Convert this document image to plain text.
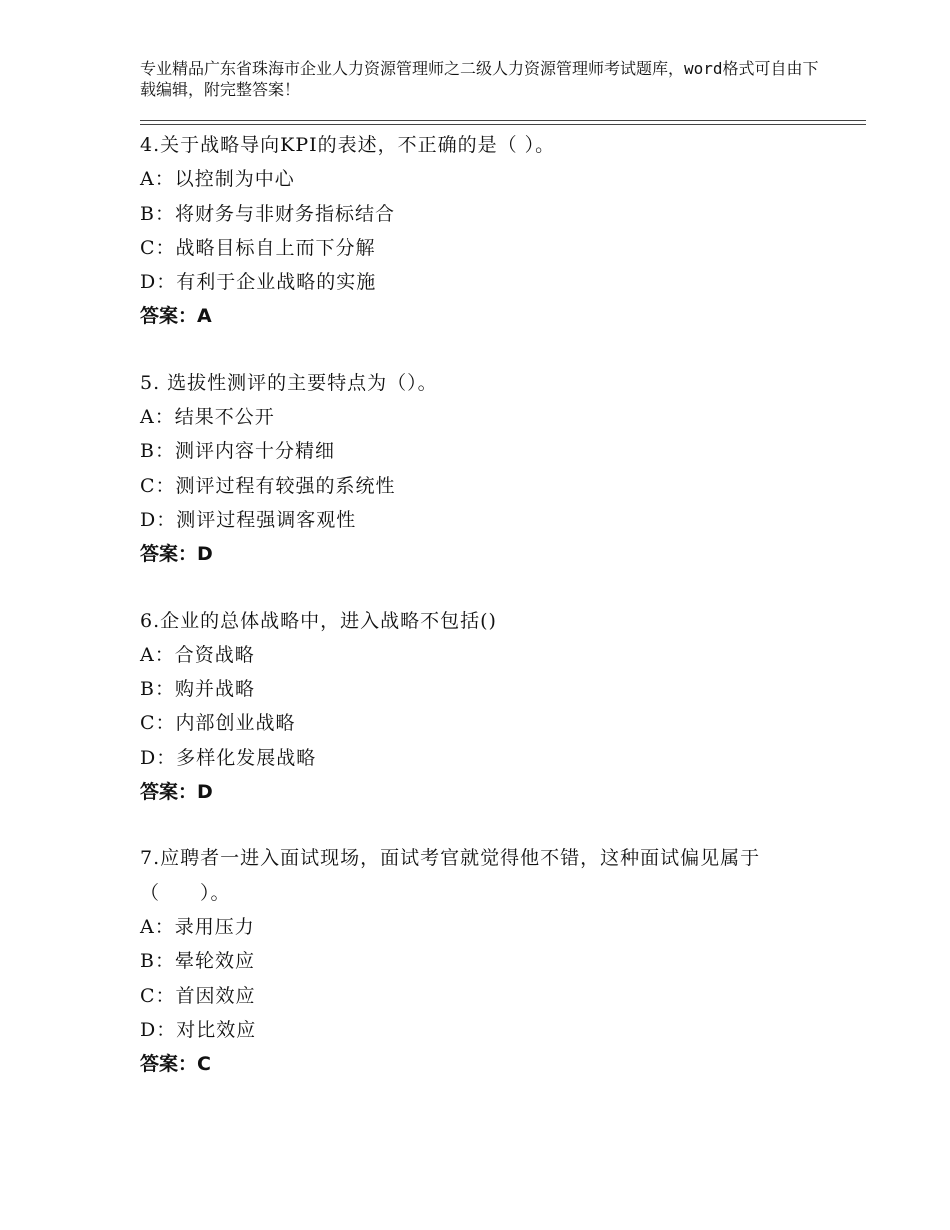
专业精品广东省珠海市企业人力资源管理师之二级人力资源管理师考试题库，word格式可自由下载编辑，附完整答案！
4.关于战略导向KPI的表述，不正确的是（ ）。
A：以控制为中心
B：将财务与非财务指标结合
C：战略目标自上而下分解
D：有利于企业战略的实施
答案：A
5. 选拔性测评的主要特点为（）。
A：结果不公开
B：测评内容十分精细
C：测评过程有较强的系统性
D：测评过程强调客观性
答案：D
6.企业的总体战略中，进入战略不包括()
A：合资战略
B：购并战略
C：内部创业战略
D：多样化发展战略
答案：D
7.应聘者一进入面试现场，面试考官就觉得他不错，这种面试偏见属于（　　）。
A：录用压力
B：晕轮效应
C：首因效应
D：对比效应
答案：C
